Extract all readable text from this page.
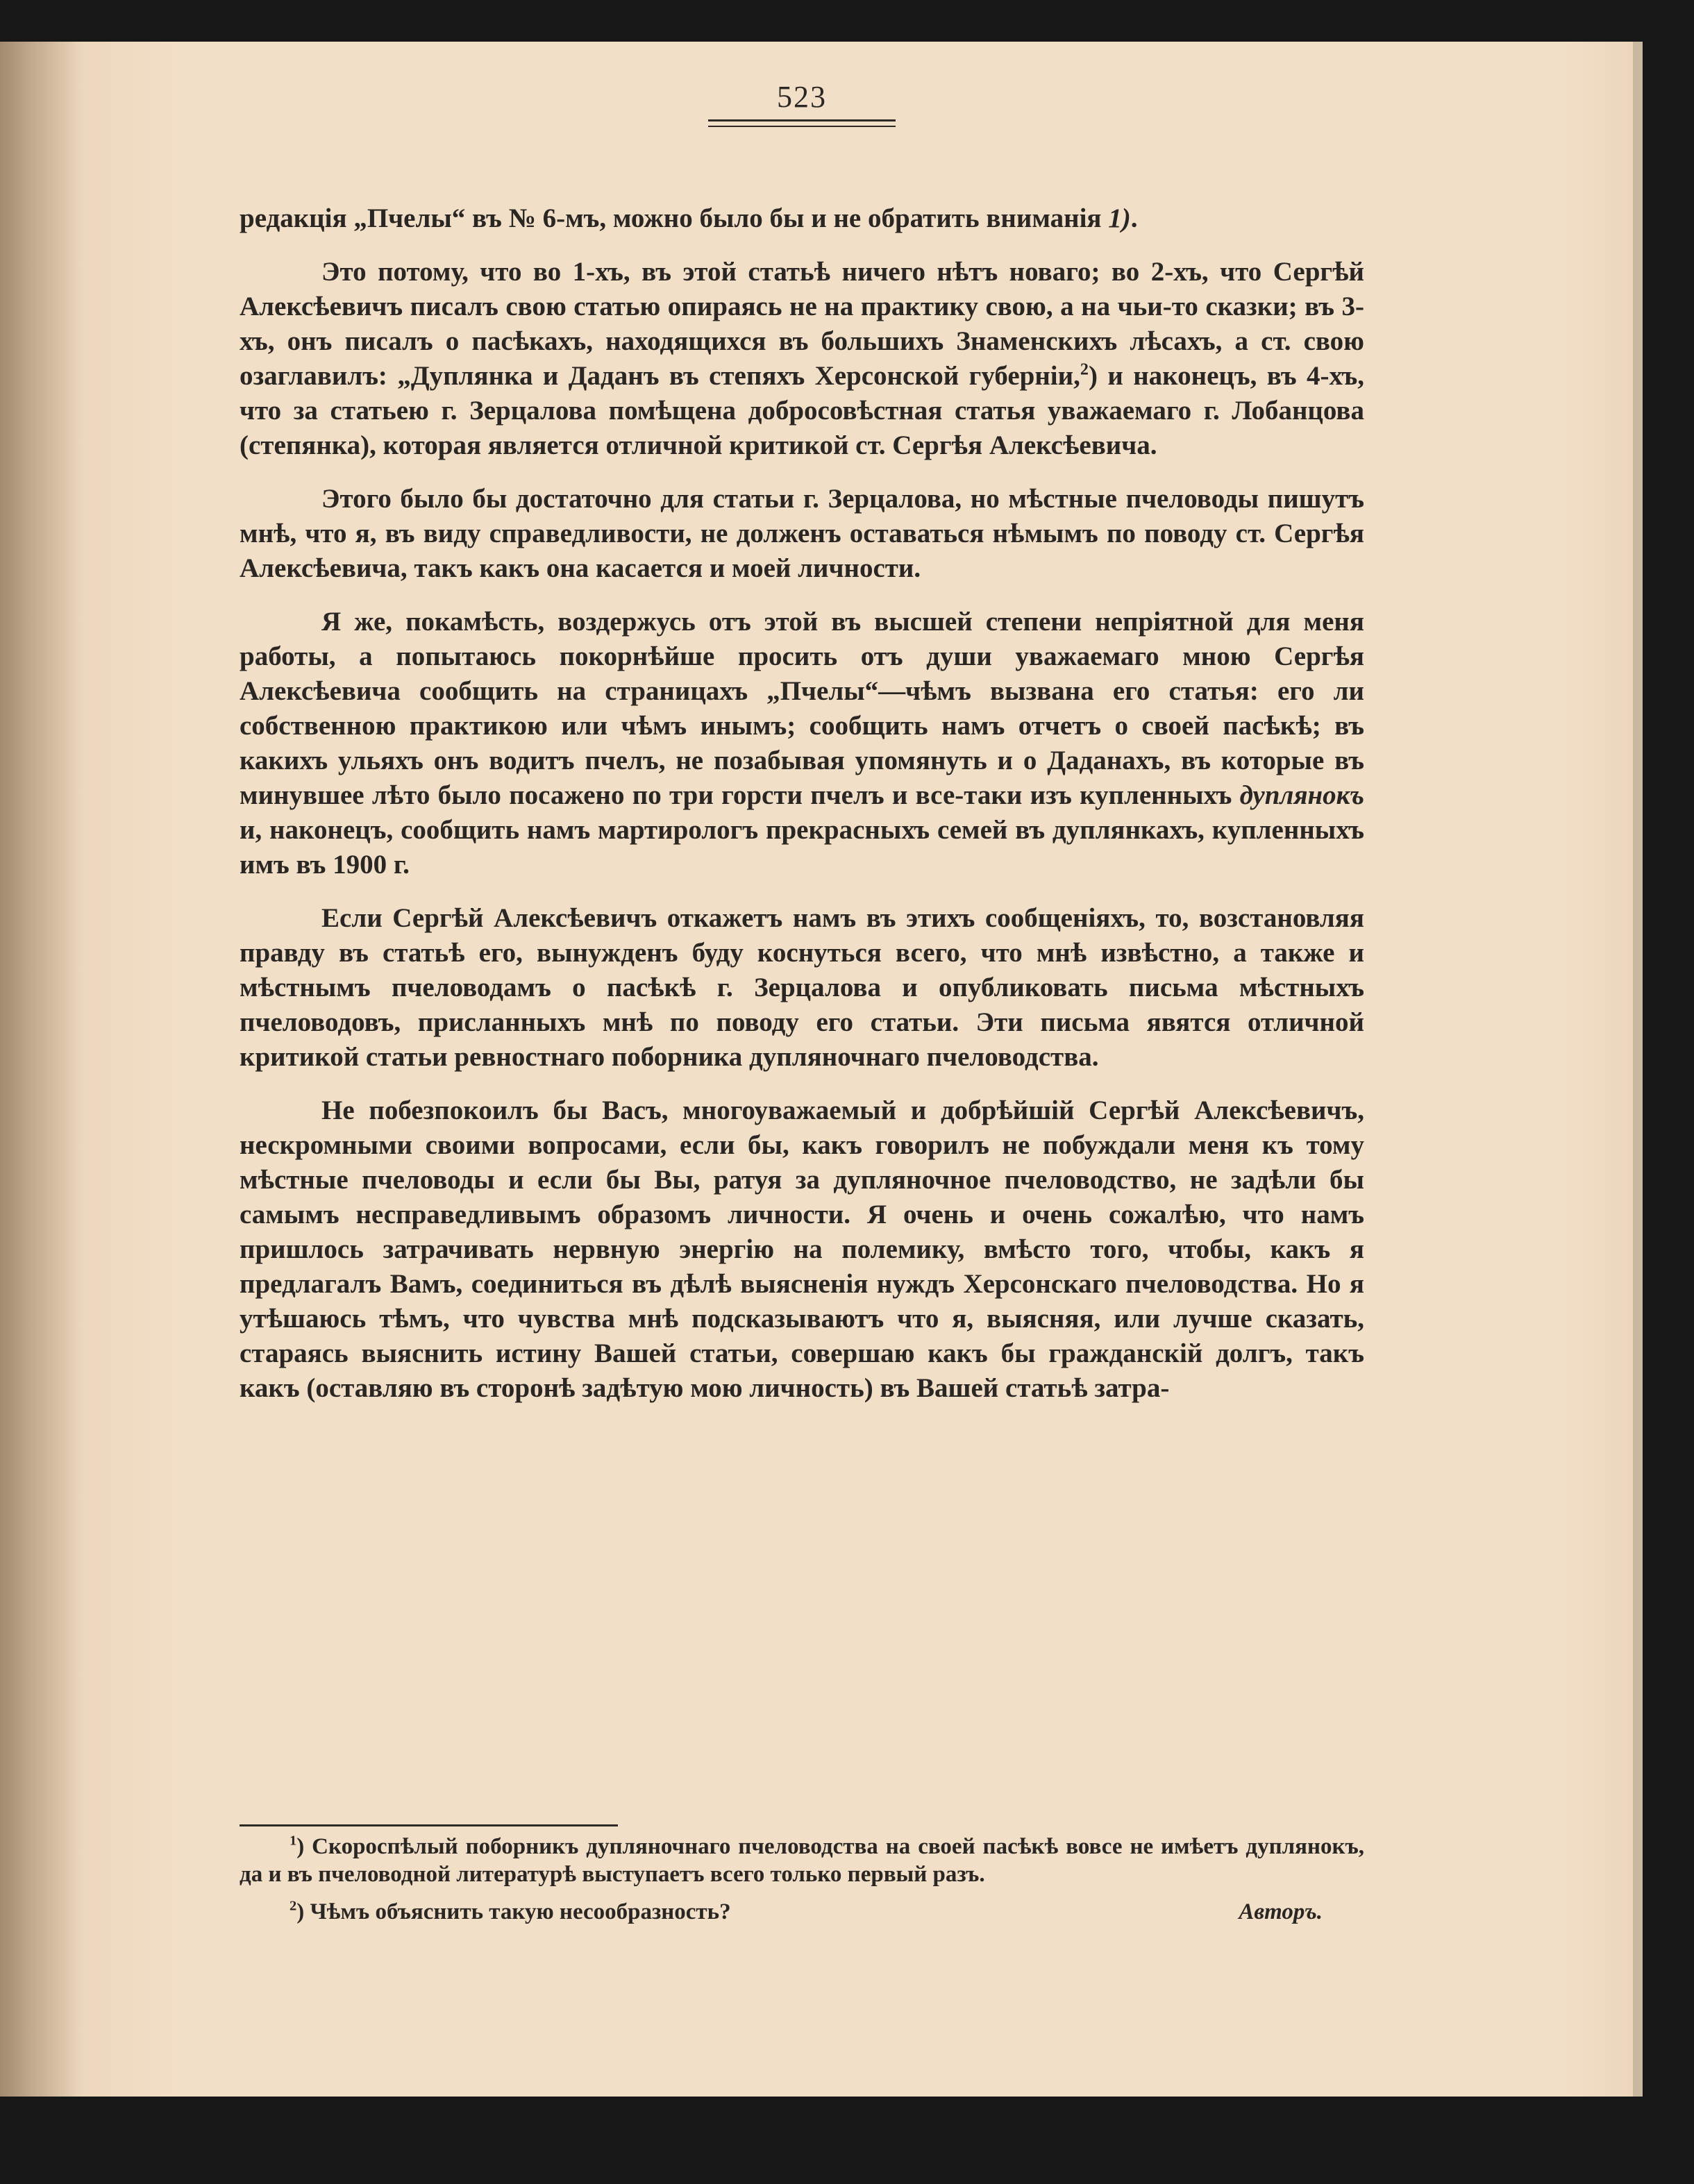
523

редакція „Пчелы“ въ № 6-мъ, можно было бы и не обратить вниманія 1).

Это потому, что во 1-хъ, въ этой статьѣ ничего нѣтъ новаго; во 2-хъ, что Сергѣй Алексѣевичъ писалъ свою статью опираясь не на практику свою, а на чьи-то сказки; въ 3-хъ, онъ писалъ о пасѣкахъ, находящихся въ большихъ Знаменскихъ лѣсахъ, а ст. свою озаглавилъ: „Дуплянка и Даданъ въ степяхъ Херсонской губерніи,$^2$) и наконецъ, въ 4-хъ, что за статьею г. Зерцалова помѣщена добросовѣстная статья уважаемаго г. Лобанцова (степянка), которая является отличной критикой ст. Сергѣя Алексѣевича.

Этого было бы достаточно для статьи г. Зерцалова, но мѣстные пчеловоды пишутъ мнѣ, что я, въ виду справедливости, не долженъ оставаться нѣмымъ по поводу ст. Сергѣя Алексѣевича, такъ какъ она касается и моей личности.

Я же, покамѣсть, воздержусь отъ этой въ высшей степени непріятной для меня работы, а попытаюсь покорнѣйше просить отъ души уважаемаго мною Сергѣя Алексѣевича сообщить на страницахъ „Пчелы“—чѣмъ вызвана его статья: его ли собственною практикою или чѣмъ инымъ; сообщить намъ отчетъ о своей пасѣкѣ; въ какихъ ульяхъ онъ водитъ пчелъ, не позабывая упомянуть и о Даданахъ, въ которые въ минувшее лѣто было посажено по три горсти пчелъ и все-таки изъ купленныхъ дуплянокъ и, наконецъ, сообщить намъ мартирологъ прекрасныхъ семей въ дуплянкахъ, купленныхъ имъ въ 1900 г.

Если Сергѣй Алексѣевичъ откажетъ намъ въ этихъ сообщеніяхъ, то, возстановляя правду въ статьѣ его, вынужденъ буду коснуться всего, что мнѣ извѣстно, а также и мѣстнымъ пчеловодамъ о пасѣкѣ г. Зерцалова и опубликовать письма мѣстныхъ пчеловодовъ, присланныхъ мнѣ по поводу его статьи. Эти письма явятся отличной критикой статьи ревностнаго поборника дупляночнаго пчеловодства.

Не побезпокоилъ бы Васъ, многоуважаемый и добрѣйшій Сергѣй Алексѣевичъ, нескромными своими вопросами, если бы, какъ говорилъ не побуждали меня къ тому мѣстные пчеловоды и если бы Вы, ратуя за дупляночное пчеловодство, не задѣли бы самымъ несправедливымъ образомъ личности. Я очень и очень сожалѣю, что намъ пришлось затрачивать нервную энергію на полемику, вмѣсто того, чтобы, какъ я предлагалъ Вамъ, соединиться въ дѣлѣ выясненія нуждъ Херсонскаго пчеловодства. Но я утѣшаюсь тѣмъ, что чувства мнѣ подсказываютъ что я, выясняя, или лучше сказать, стараясь выяснить истину Вашей статьи, совершаю какъ бы гражданскій долгъ, такъ какъ (оставляю въ сторонѣ задѣтую мою личность) въ Вашей статьѣ затра-

$^1$) Скороспѣлый поборникъ дупляночнаго пчеловодства на своей пасѣкѣ вовсе не имѣетъ дуплянокъ, да и въ пчеловодной литературѣ выступаетъ всего только первый разъ.

$^2$) Чѣмъ объяснить такую несообразность?	Авторъ.
